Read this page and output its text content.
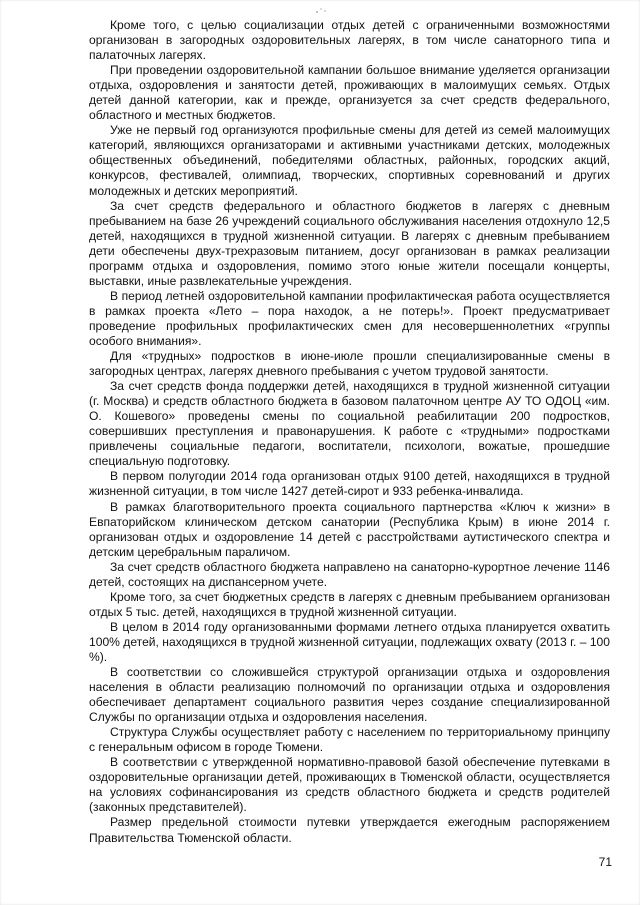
Кроме того, с целью социализации отдых детей с ограниченными возможностями организован в загородных оздоровительных лагерях, в том числе санаторного типа и палаточных лагерях.

При проведении оздоровительной кампании большое внимание уделяется организации отдыха, оздоровления и занятости детей, проживающих в малоимущих семьях. Отдых детей данной категории, как и прежде, организуется за счет средств федерального, областного и местных бюджетов.

Уже не первый год организуются профильные смены для детей из семей малоимущих категорий, являющихся организаторами и активными участниками детских, молодежных общественных объединений, победителями областных, районных, городских акций, конкурсов, фестивалей, олимпиад, творческих, спортивных соревнований и других молодежных и детских мероприятий.

За счет средств федерального и областного бюджетов в лагерях с дневным пребыванием на базе 26 учреждений социального обслуживания населения отдохнуло 12,5 детей, находящихся в трудной жизненной ситуации. В лагерях с дневным пребыванием дети обеспечены двух-трехразовым питанием, досуг организован в рамках реализации программ отдыха и оздоровления, помимо этого юные жители посещали концерты, выставки, иные развлекательные учреждения.

В период летней оздоровительной кампании профилактическая работа осуществляется в рамках проекта «Лето – пора находок, а не потерь!». Проект предусматривает проведение профильных профилактических смен для несовершеннолетних «группы особого внимания».

Для «трудных» подростков в июне-июле прошли специализированные смены в загородных центрах, лагерях дневного пребывания с учетом трудовой занятости.

За счет средств фонда поддержки детей, находящихся в трудной жизненной ситуации (г. Москва) и средств областного бюджета в базовом палаточном центре АУ ТО ОДОЦ «им. О. Кошевого» проведены смены по социальной реабилитации 200 подростков, совершивших преступления и правонарушения. К работе с «трудными» подростками привлечены социальные педагоги, воспитатели, психологи, вожатые, прошедшие специальную подготовку.

В первом полугодии 2014 года организован отдых 9100 детей, находящихся в трудной жизненной ситуации, в том числе 1427 детей-сирот и 933 ребенка-инвалида.

В рамках благотворительного проекта социального партнерства «Ключ к жизни» в Евпаторийском клиническом детском санатории (Республика Крым) в июне 2014 г. организован отдых и оздоровление 14 детей с расстройствами аутистического спектра и детским церебральным параличом.

За счет средств областного бюджета направлено на санаторно-курортное лечение 1146 детей, состоящих на диспансерном учете.

Кроме того, за счет бюджетных средств в лагерях с дневным пребыванием организован отдых 5 тыс. детей, находящихся в трудной жизненной ситуации.

В целом в 2014 году организованными формами летнего отдыха планируется охватить 100% детей, находящихся в трудной жизненной ситуации, подлежащих охвату (2013 г. – 100 %).

В соответствии со сложившейся структурой организации отдыха и оздоровления населения в области реализацию полномочий по организации отдыха и оздоровления обеспечивает департамент социального развития через создание специализированной Службы по организации отдыха и оздоровления населения.

Структура Службы осуществляет работу с населением по территориальному принципу с генеральным офисом в городе Тюмени.

В соответствии с утвержденной нормативно-правовой базой обеспечение путевками в оздоровительные организации детей, проживающих в Тюменской области, осуществляется на условиях софинансирования из средств областного бюджета и средств родителей (законных представителей).

Размер предельной стоимости путевки утверждается ежегодным распоряжением Правительства Тюменской области.

71
